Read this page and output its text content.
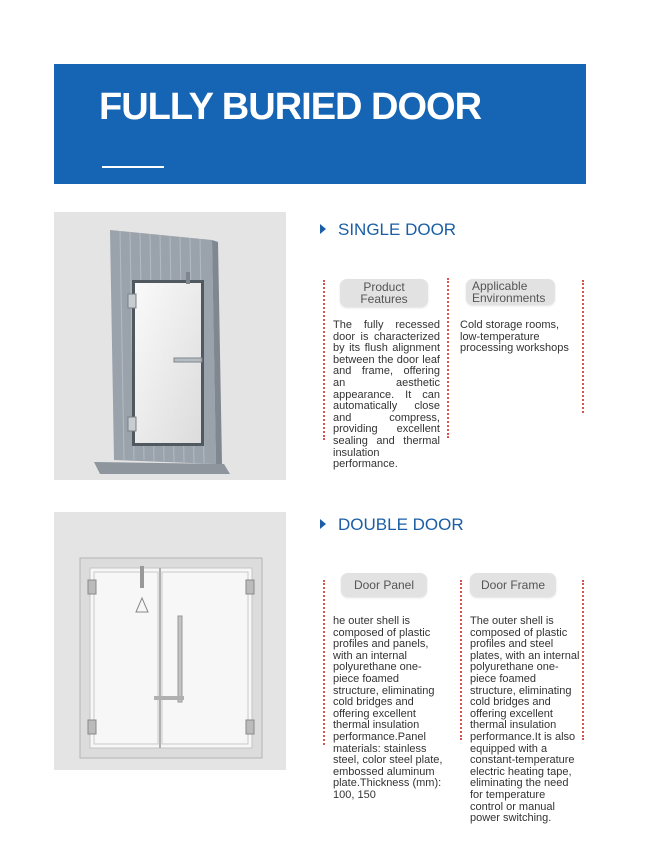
FULLY BURIED DOOR
SINGLE DOOR
Product Features
Applicable Environments
The fully recessed door is characterized by its flush alignment between the door leaf and frame, offering an aesthetic appearance. It can automatically close and compress, providing excellent sealing and thermal insulation performance.
Cold storage rooms, low-temperature processing workshops
DOUBLE DOOR
Door Panel	Door Frame
he outer shell is composed of plastic profiles and panels, with an internal polyurethane one-piece foamed structure, eliminating cold bridges and offering excellent thermal insulation performance.Panel materials: stainless steel, color steel plate, embossed aluminum plate.Thickness (mm): 100, 150
The outer shell is composed of plastic profiles and steel plates, with an internal polyurethane one-piece foamed structure, eliminating cold bridges and offering excellent thermal insulation performance.It is also equipped with a constant-temperature electric heating tape, eliminating the need for temperature control or manual power switching.
